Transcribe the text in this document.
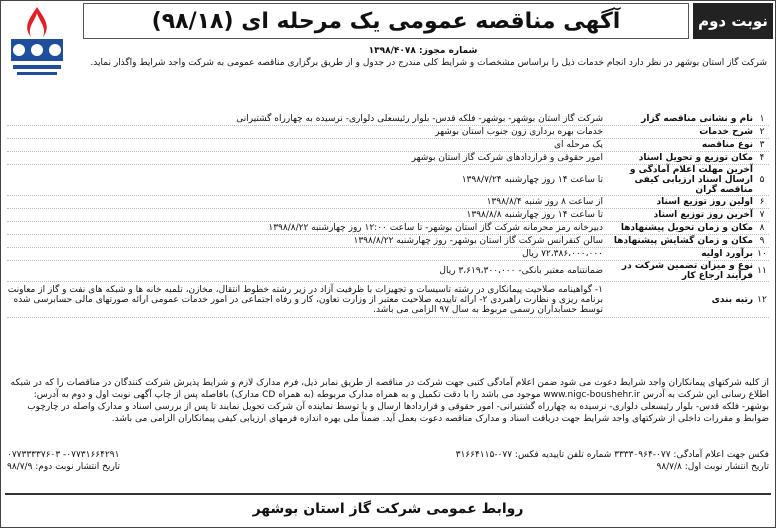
نوبت دوم
آگهی مناقصه عمومی یک مرحله ای (۹۸/۱۸)
شماره مجوز: ۱۳۹۸/۴۰۷۸
شرکت گاز استان بوشهر در نظر دارد انجام خدمات ذیل را براساس مشخصات و شرایط کلی مندرج در جدول و از طریق برگزاری مناقصه عمومی به شرکت واجد شرایط واگذار نماید.
۱
نام و نشانی مناقصه گزار
شرکت گاز استان بوشهر- بوشهر- فلکه قدس- بلوار رئیسعلی دلواری- نرسیده به چهارراه گشتیرانی
۲
شرح خدمات
خدمات بهره برداری زون جنوب استان بوشهر
۳
نوع مناقصه
یک مرحله ای
۴
مکان توزیع و تحویل اسناد
امور حقوقی و قراردادهای شرکت گاز استان بوشهر
۵
آخرین مهلت اعلام آمادگی و ارسال اسناد ارزیابی کیفی مناقصه گران
تا ساعت ۱۴ روز چهارشنبه ۱۳۹۸/۷/۲۴
۶
اولین روز توزیع اسناد
از ساعت ۸ روز شنبه ۱۳۹۸/۸/۴
۷
آخرین روز توزیع اسناد
تا ساعت ۱۴ روز چهارشنبه ۱۳۹۸/۸/۸
۸
مکان و زمان تحویل پیشنهادها
دبیرخانه رمز محرمانه شرکت گاز استان بوشهر- تا ساعت ۱۲:۰۰ روز چهارشنبه ۱۳۹۸/۸/۲۲
۹
مکان و زمان گشایش پیشنهادها
سالن کنفرانس شرکت گاز استان بوشهر- روز چهارشنبه ۱۳۹۸/۸/۲۲
۱۰
برآورد اولیه
۷۲،۳۸۶،۰۰۰،۰۰۰ ریال
۱۱
نوع و میزان تضمین شرکت در فرآیند ارجاع کار
ضمانتنامه معتبر بانکی- ۳،۶۱۹،۳۰۰،۰۰۰ ریال
۱۲
رتبه بندی
۱- گواهینامه صلاحیت پیمانکاری در رشته تاسیسات و تجهیزات با ظرفیت آزاد در زیر رشته خطوط انتقال، مخازن، تلمبه خانه ها و شبکه های نفت و گاز از معاونت برنامه ریزی و نظارت راهبردی ۲- ارائه تاییدیه صلاحیت معتبر از وزارت تعاون، کار و رفاه اجتماعی در امور خدمات عمومی ارائه صورتهای مالی حسابرسی شده توسط حسابداران رسمی مربوط به سال ۹۷ الزامی می باشد.
از کلیه شرکتهای پیمانکاران واجد شرایط دعوت می شود ضمن اعلام آمادگی کتبی جهت شرکت در مناقصه از طریق نمابر ذیل، فرم مدارک لازم و شرایط پذیرش شرکت کنندگان در مناقصات را که در شبکه اطلاع رسانی این شرکت به آدرس www.nigc-boushehr.ir موجود می باشد را با دقت تکمیل و به همراه مدارک مربوطه (به همراه CD مدارک) بافاصله پس از چاپ آگهی نوبت اول و دوم به آدرس: بوشهر- فلکه قدس- بلوار رئیسعلی دلواری- نرسیده به چهارراه گشتیرانی- امور حقوقی و قراردادها ارسال و یا توسط نماینده آن شرکت تحویل نمایند تا پس از بررسی اسناد و مدارک واصله در چارچوب ضوابط و مقررات داخلی از شرکتهای واجد شرایط جهت دریافت اسناد و مدارک مناقصه دعوت بعمل آید. ضمناً ملی بهره اندازه فرمهای ارزیابی کیفی پیمانکاران الزامی می باشد.
فکس جهت اعلام آمادگی: ۰۷۷-۳۳۳۳۰۹۶۴ شماره تلفن تاییدیه فکس: ۰۷۷-۳۱۶۶۴۱۱۵
تاریخ انتشار نوبت اول: ۹۸/۷/۸
۰۷۷۳۱۶۶۴۲۹۱- ۰۷۷۳۳۳۳۷۶۰۳
تاریخ انتشار نوبت دوم: ۹۸/۷/۹
روابط عمومی شرکت گاز استان بوشهر
